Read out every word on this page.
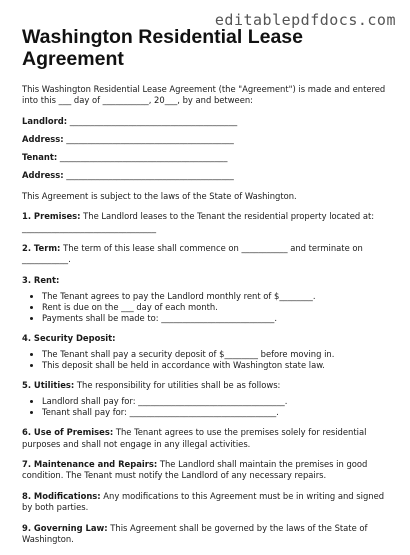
editablepdfdocs.com
Washington Residential Lease Agreement
This Washington Residential Lease Agreement (the "Agreement") is made and entered into this ___ day of ___________, 20___, by and between:
Landlord: ________________________________________
Address: ________________________________________
Tenant: ________________________________________
Address: ________________________________________
This Agreement is subject to the laws of the State of Washington.
1. Premises: The Landlord leases to the Tenant the residential property located at: ________________________________
2. Term: The term of this lease shall commence on ___________ and terminate on ___________.
3. Rent:
• The Tenant agrees to pay the Landlord monthly rent of $________.
• Rent is due on the ___ day of each month.
• Payments shall be made to: ___________________________.
4. Security Deposit:
• The Tenant shall pay a security deposit of $________ before moving in.
• This deposit shall be held in accordance with Washington state law.
5. Utilities: The responsibility for utilities shall be as follows:
• Landlord shall pay for: ___________________________________.
• Tenant shall pay for: ___________________________________.
6. Use of Premises: The Tenant agrees to use the premises solely for residential purposes and shall not engage in any illegal activities.
7. Maintenance and Repairs: The Landlord shall maintain the premises in good condition. The Tenant must notify the Landlord of any necessary repairs.
8. Modifications: Any modifications to this Agreement must be in writing and signed by both parties.
9. Governing Law: This Agreement shall be governed by the laws of the State of Washington.
